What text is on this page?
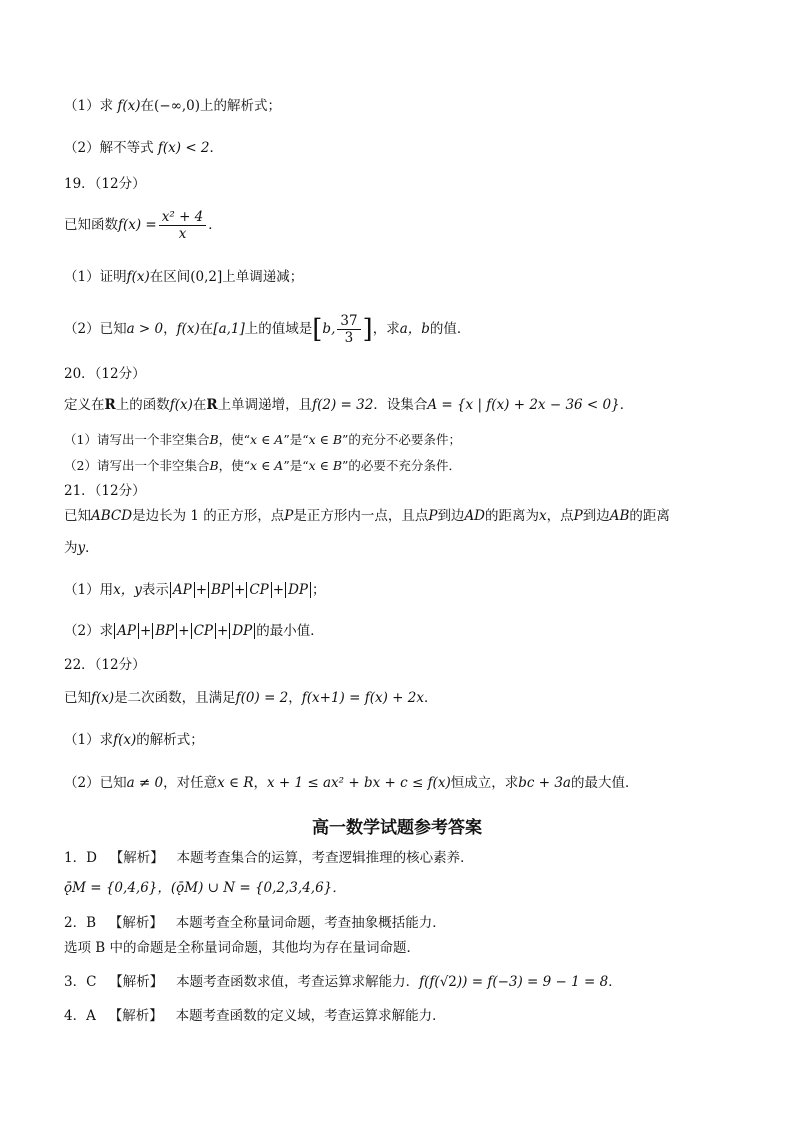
（1）求 f(x)在(−∞,0)上的解析式；
（2）解不等式 f(x) < 2．
19．（12分）
已知函数$f(x) = \frac{\text{x² + 4}}{x}$ ．
（1）证明f(x)在区间(0,2]上单调递减；
（2）已知a > 0，f(x)在[a,1]上的值域是[b, $\frac{37}{3}$ ]，求a，b的值．
20．（12分）
定义在R上的函数f(x)在R上单调递增，且f(2) = 32．设集合A = {x | f(x) + 2x − 36 < 0}．
（1）请写出一个非空集合B，使“x ∈ A”是“x ∈ B”的充分不必要条件；
（2）请写出一个非空集合B，使“x ∈ A”是“x ∈ B”的必要不充分条件．
21．（12分）
已知ABCD是边长为 1 的正方形，点P是正方形内一点，且点P到边AD的距离为x，点P到边AB的距离
为y．
（1）用x，y表示 AP + BP + CP + DP ；
（2）求 AP + BP + CP + DP 的最小值．
22．（12分）
已知f(x)是二次函数，且满足f(0) = 2，f(x+1) = f(x) + 2x．
（1）求f(x)的解析式；
（2）已知a ≠ 0，对任意x ∈ R，x + 1 ≤ ax² + bx + c ≤ f(x)恒成立，求bc + 3a的最大值．
高一数学试题参考答案
1．D 【解析】 本题考查集合的运算，考查逻辑推理的核心素养．
ǭM = {0,4,6}，(ǭM) ∪ N = {0,2,3,4,6}．
2．B 【解析】 本题考查全称量词命题，考查抽象概括能力．
选项 B 中的命题是全称量词命题，其他均为存在量词命题．
3．C 【解析】 本题考查函数求值，考查运算求解能力．f(f(√2)) = f(−3) = 9 − 1 = 8．
4．A 【解析】 本题考查函数的定义域，考查运算求解能力．
